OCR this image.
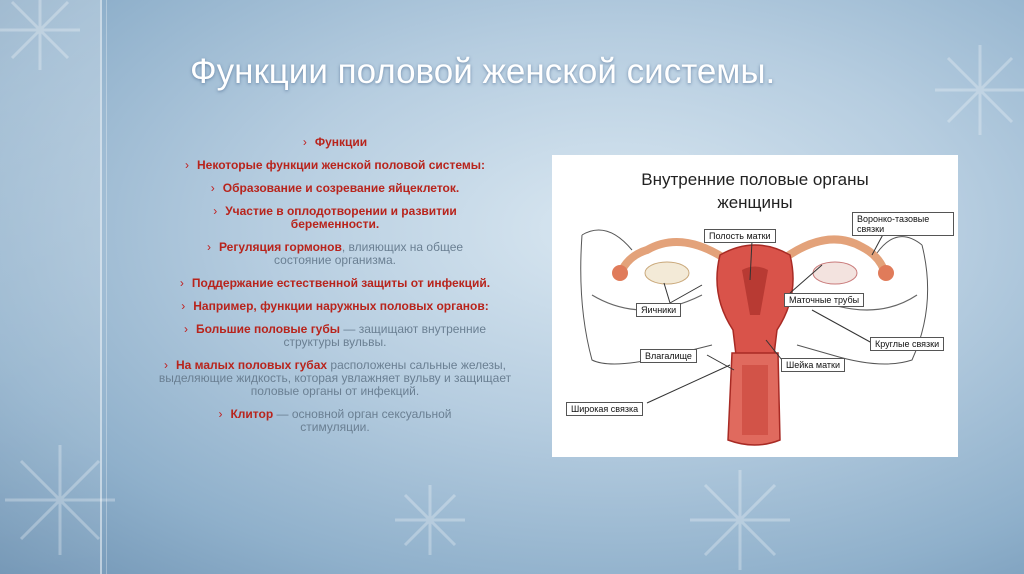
Функции половой женской системы.
› Функции
› Некоторые функции женской половой системы:
› Образование и созревание яйцеклеток.
› Участие в оплодотворении и развитии беременности.
› Регуляция гормонов, влияющих на общее состояние организма.
› Поддержание естественной защиты от инфекций.
› Например, функции наружных половых органов:
› Большие половые губы — защищают внутренние структуры вульвы.
› На малых половых губах расположены сальные железы, выделяющие жидкость, которая увлажняет вульву и защищает половые органы от инфекций.
› Клитор — основной орган сексуальной стимуляции.
Внутренние половые органы
женщины
Полость матки
Воронко-тазовые связки
Яичники
Маточные трубы
Круглые связки
Влагалище
Шейка матки
Широкая связка
